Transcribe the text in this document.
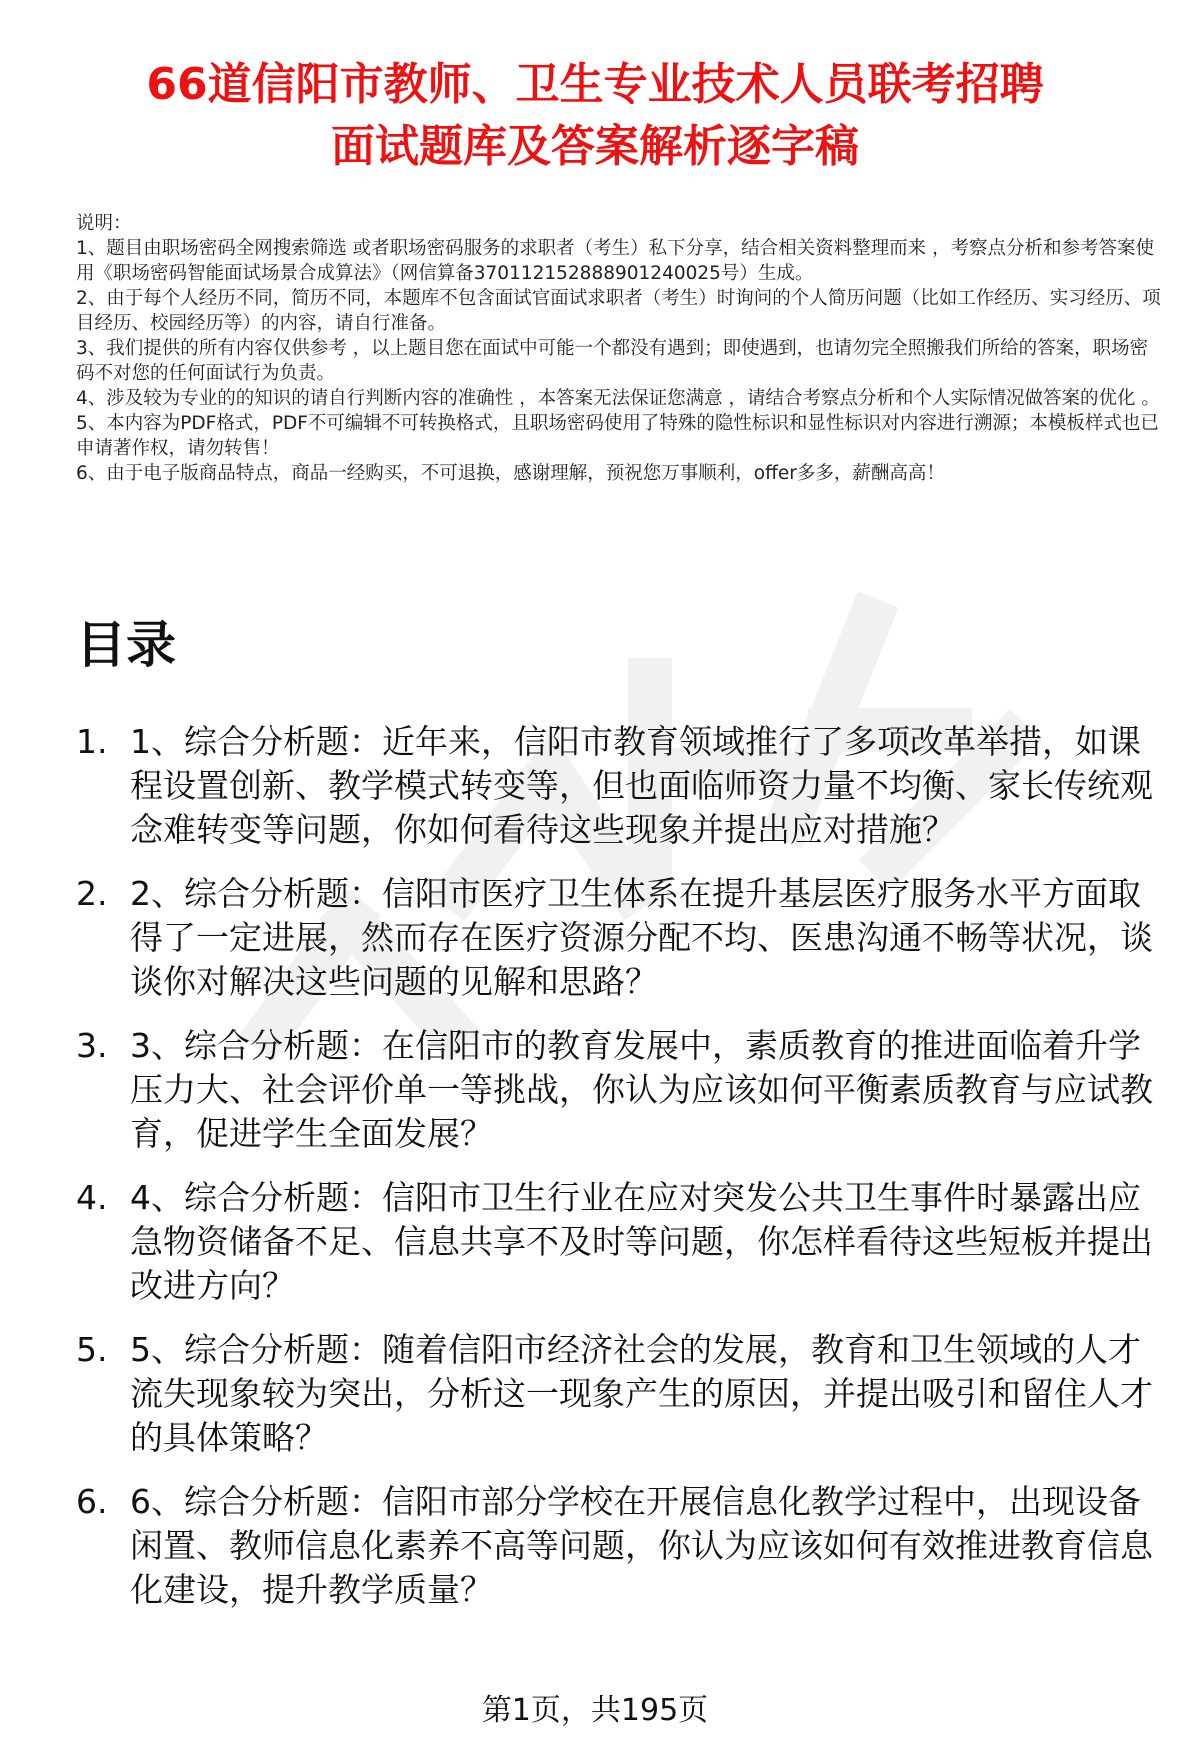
66道信阳市教师、卫生专业技术人员联考招聘
面试题库及答案解析逐字稿

说明：

1、题目由职场密码全网搜索筛选 或者职场密码服务的求职者（考生）私下分享，结合相关资料整理而来 ，考察点分析和参考答案使用《职场密码智能面试场景合成算法》（网信算备370112152888901240025号）生成。

2、由于每个人经历不同，简历不同，本题库不包含面试官面试求职者（考生）时询问的个人简历问题（比如工作经历、实习经历、项目经历、校园经历等）的内容，请自行准备。

3、我们提供的所有内容仅供参考 ，以上题目您在面试中可能一个都没有遇到；即使遇到，也请勿完全照搬我们所给的答案，职场密码不对您的任何面试行为负责。

4、涉及较为专业的的知识的请自行判断内容的准确性 ，本答案无法保证您满意 ，请结合考察点分析和个人实际情况做答案的优化 。

5、本内容为PDF格式，PDF不可编辑不可转换格式，且职场密码使用了特殊的隐性标识和显性标识对内容进行溯源；本模板样式也已申请著作权，请勿转售！

6、由于电子版商品特点，商品一经购买，不可退换，感谢理解，预祝您万事顺利，offer多多，薪酬高高！

目录
1. 1、综合分析题：近年来，信阳市教育领域推行了多项改革举措，如课程设置创新、教学模式转变等，但也面临师资力量不均衡、家长传统观念难转变等问题，你如何看待这些现象并提出应对措施？
2. 2、综合分析题：信阳市医疗卫生体系在提升基层医疗服务水平方面取得了一定进展，然而存在医疗资源分配不均、医患沟通不畅等状况，谈谈你对解决这些问题的见解和思路？
3. 3、综合分析题：在信阳市的教育发展中，素质教育的推进面临着升学压力大、社会评价单一等挑战，你认为应该如何平衡素质教育与应试教育，促进学生全面发展？
4. 4、综合分析题：信阳市卫生行业在应对突发公共卫生事件时暴露出应急物资储备不足、信息共享不及时等问题，你怎样看待这些短板并提出改进方向？
5. 5、综合分析题：随着信阳市经济社会的发展，教育和卫生领域的人才流失现象较为突出，分析这一现象产生的原因，并提出吸引和留住人才的具体策略？
6. 6、综合分析题：信阳市部分学校在开展信息化教学过程中，出现设备闲置、教师信息化素养不高等问题，你认为应该如何有效推进教育信息化建设，提升教学质量？
第1页，共195页
